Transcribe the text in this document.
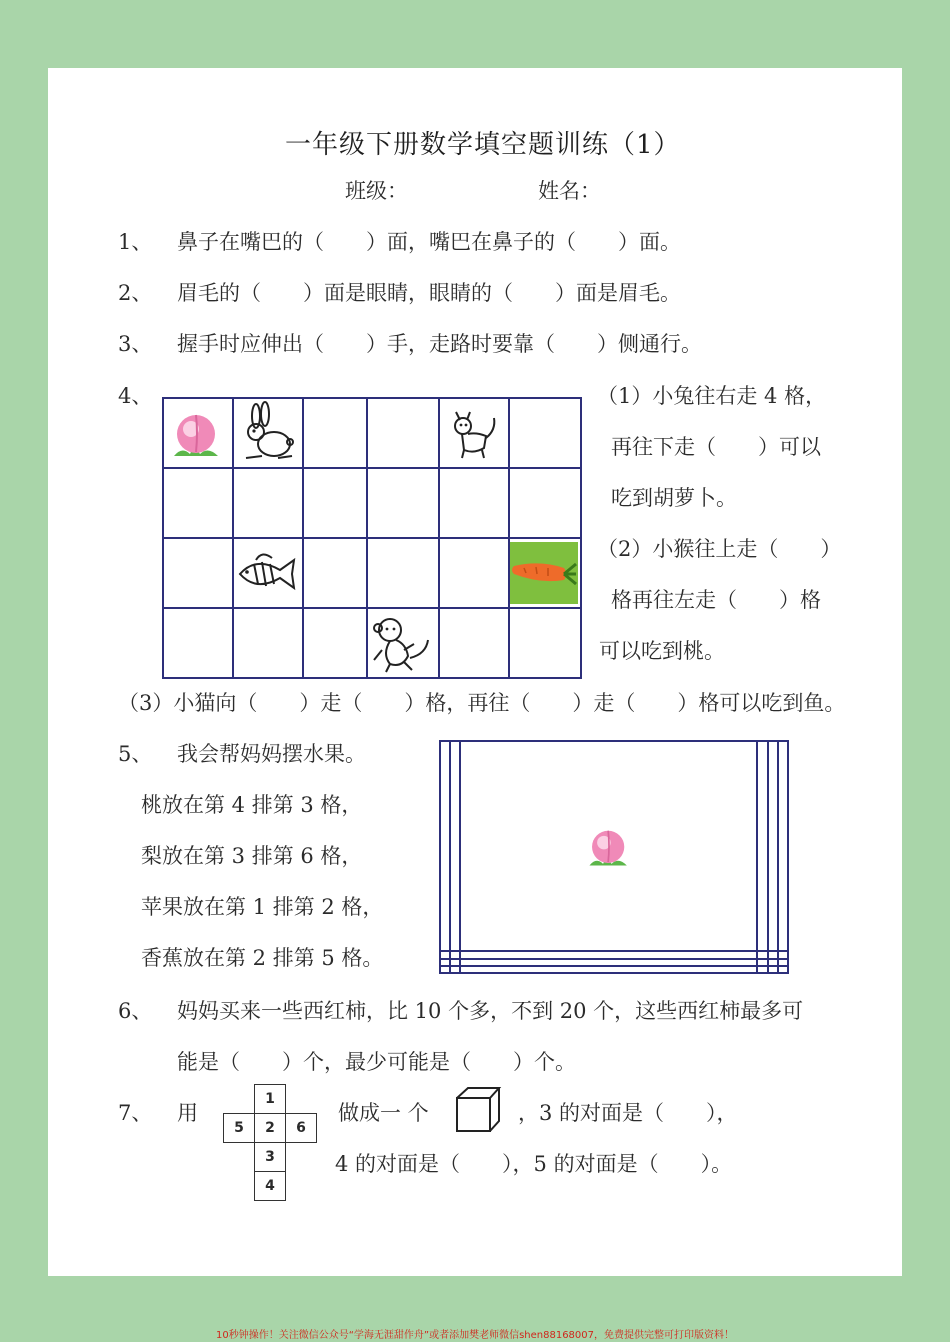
一年级下册数学填空题训练（1）
班级：	姓名：
1、 鼻子在嘴巴的（　　）面，嘴巴在鼻子的（　　）面。
2、 眉毛的（　　）面是眼睛，眼睛的（　　）面是眉毛。
3、 握手时应伸出（　　）手，走路时要靠（　　）侧通行。
4、

			（1）小兔往右走 4 格，
再往下走（　　）可以
吃到胡萝卜。
（2）小猴往上走（　　）
格再往左走（　　）格
可以吃到桃。
（3）小猫向（　　）走（　　）格，再往（　　）走（　　）格可以吃到鱼。
5、 我会帮妈妈摆水果。
桃放在第 4 排第 3 格，
梨放在第 3 排第 6 格，
苹果放在第 1 排第 2 格，
香蕉放在第 2 排第 5 格。

6、 妈妈买来一些西红柿，比 10 个多，不到 20 个，这些西红柿最多可
能是（　　）个，最少可能是（　　）个。
7、 用
	1	
5	2	6
	3	
	4	
做成一 个	，3 的对面是（　　），
4 的对面是（　　），5 的对面是（　　）。
10秒钟操作！关注微信公众号“学海无涯甜作舟”或者添加樊老师微信shen88168007，免费提供完整可打印版资料！
